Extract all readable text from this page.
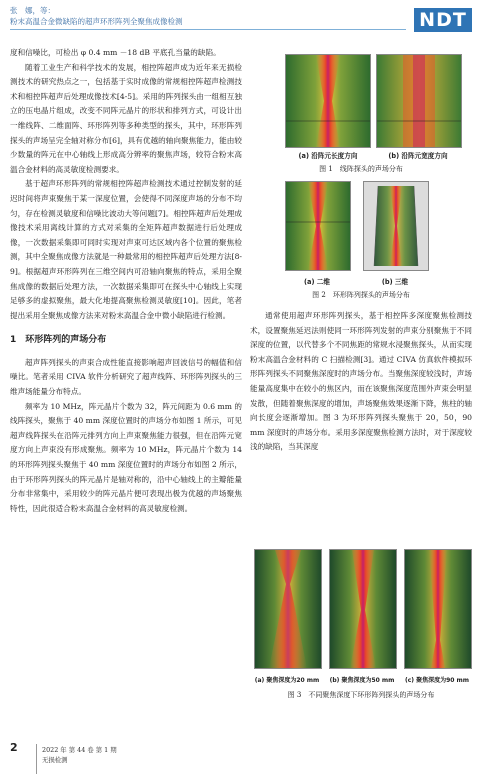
张　娜，等：
粉末高温合金微缺陷的超声环形阵列全聚焦成像检测	NDT

度和信噪比，可检出 φ 0.4 mm －18 dB 平底孔当量的缺陷。

随着工业生产和科学技术的发展，相控阵超声成为近年来无损检测技术的研究热点之一，包括基于实时成像的常规相控阵超声检测技术和相控阵超声后处理成像技术[4-5]。采用的阵列探头由一组相互独立的压电晶片组成，改变不同阵元晶片的形状和排列方式，可设计出一维线阵、二维面阵、环形阵列等多种类型的探头，其中，环形阵列探头的声场呈完全轴对称分布[6]，具有优越的轴向聚焦能力，能由较少数量的阵元在中心轴线上形成高分辨率的聚焦声场，较符合粉末高温合金材料的高灵敏度检测要求。

基于超声环形阵列的常规相控阵超声检测技术通过控制发射的延迟时间将声束聚焦于某一深度位置，会使得不同深度声场的分布不均匀，存在检测灵敏度和信噪比波动大等问题[7]。相控阵超声后处理成像技术采用离线计算的方式对采集的全矩阵超声数据进行后处理成像，一次数据采集即可同时实现对声束可达区域内各个位置的聚焦检测，其中全聚焦成像方法就是一种最常用的相控阵超声后处理方法[8-9]。根据超声环形阵列在三维空间内可沿轴向聚焦的特点，采用全聚焦成像的数据后处理方法，一次数据采集即可在探头中心轴线上实现足够多的虚拟聚焦，最大化地提高聚焦检测灵敏度[10]。因此，笔者提出采用全聚焦成像方法来对粉末高温合金中微小缺陷进行检测。

1　环形阵列的声场分布

超声阵列探头的声束合成性能直接影响超声回波信号的幅值和信噪比。笔者采用 CIVA 软件分析研究了超声线阵、环形阵列探头的三维声场能量分布特点。

频率为 10 MHz，阵元晶片个数为 32，阵元间距为 0.6 mm 的线阵探头，聚焦于 40 mm 深度位置时的声场分布如图 1 所示，可见超声线阵探头在沿阵元排列方向上声束聚焦能力很强，但在沿阵元宽度方向上声束没有形成聚焦。频率为 10 MHz，阵元晶片个数为 14 的环形阵列探头聚焦于 40 mm 深度位置时的声场分布如图 2 所示，由于环形阵列探头的阵元晶片是轴对称的，沿中心轴线上的主瓣能量分布非常集中，采用较少的阵元晶片便可表现出极为优越的声场聚焦特性，因此很适合粉末高温合金材料的高灵敏度检测。

(a) 沿阵元长度方向	(b) 沿阵元宽度方向
图 1　线阵探头的声场分布
(a) 二维	(b) 三维
图 2　环形阵列探头的声场分布

通常使用超声环形阵列探头，基于相控阵多深度聚焦检测技术，设置聚焦延迟法则使同一环形阵列发射的声束分别聚焦于不同深度的位置，以代替多个不同焦距的常规水浸聚焦探头，从而实现粉末高温合金材料的 C 扫描检测[3]。通过 CIVA 仿真软件模拟环形阵列探头不同聚焦深度时的声场分布。当聚焦深度较浅时，声场能量高度集中在较小的焦区内，而在该聚焦深度范围外声束会明显发散，但随着聚焦深度的增加，声场聚焦效果逐渐下降，焦柱的轴向长度会逐渐增加。图 3 为环形阵列探头聚焦于 20，50，90 mm 深度时的声场分布。采用多深度聚焦检测方法时，对于深度较浅的缺陷，当其深度

(a) 聚焦深度为20 mm	(b) 聚焦深度为50 mm	(c) 聚焦深度为90 mm
图 3　不同聚焦深度下环形阵列探头的声场分布
2	2022 年 第 44 卷 第 1 期
无损检测
